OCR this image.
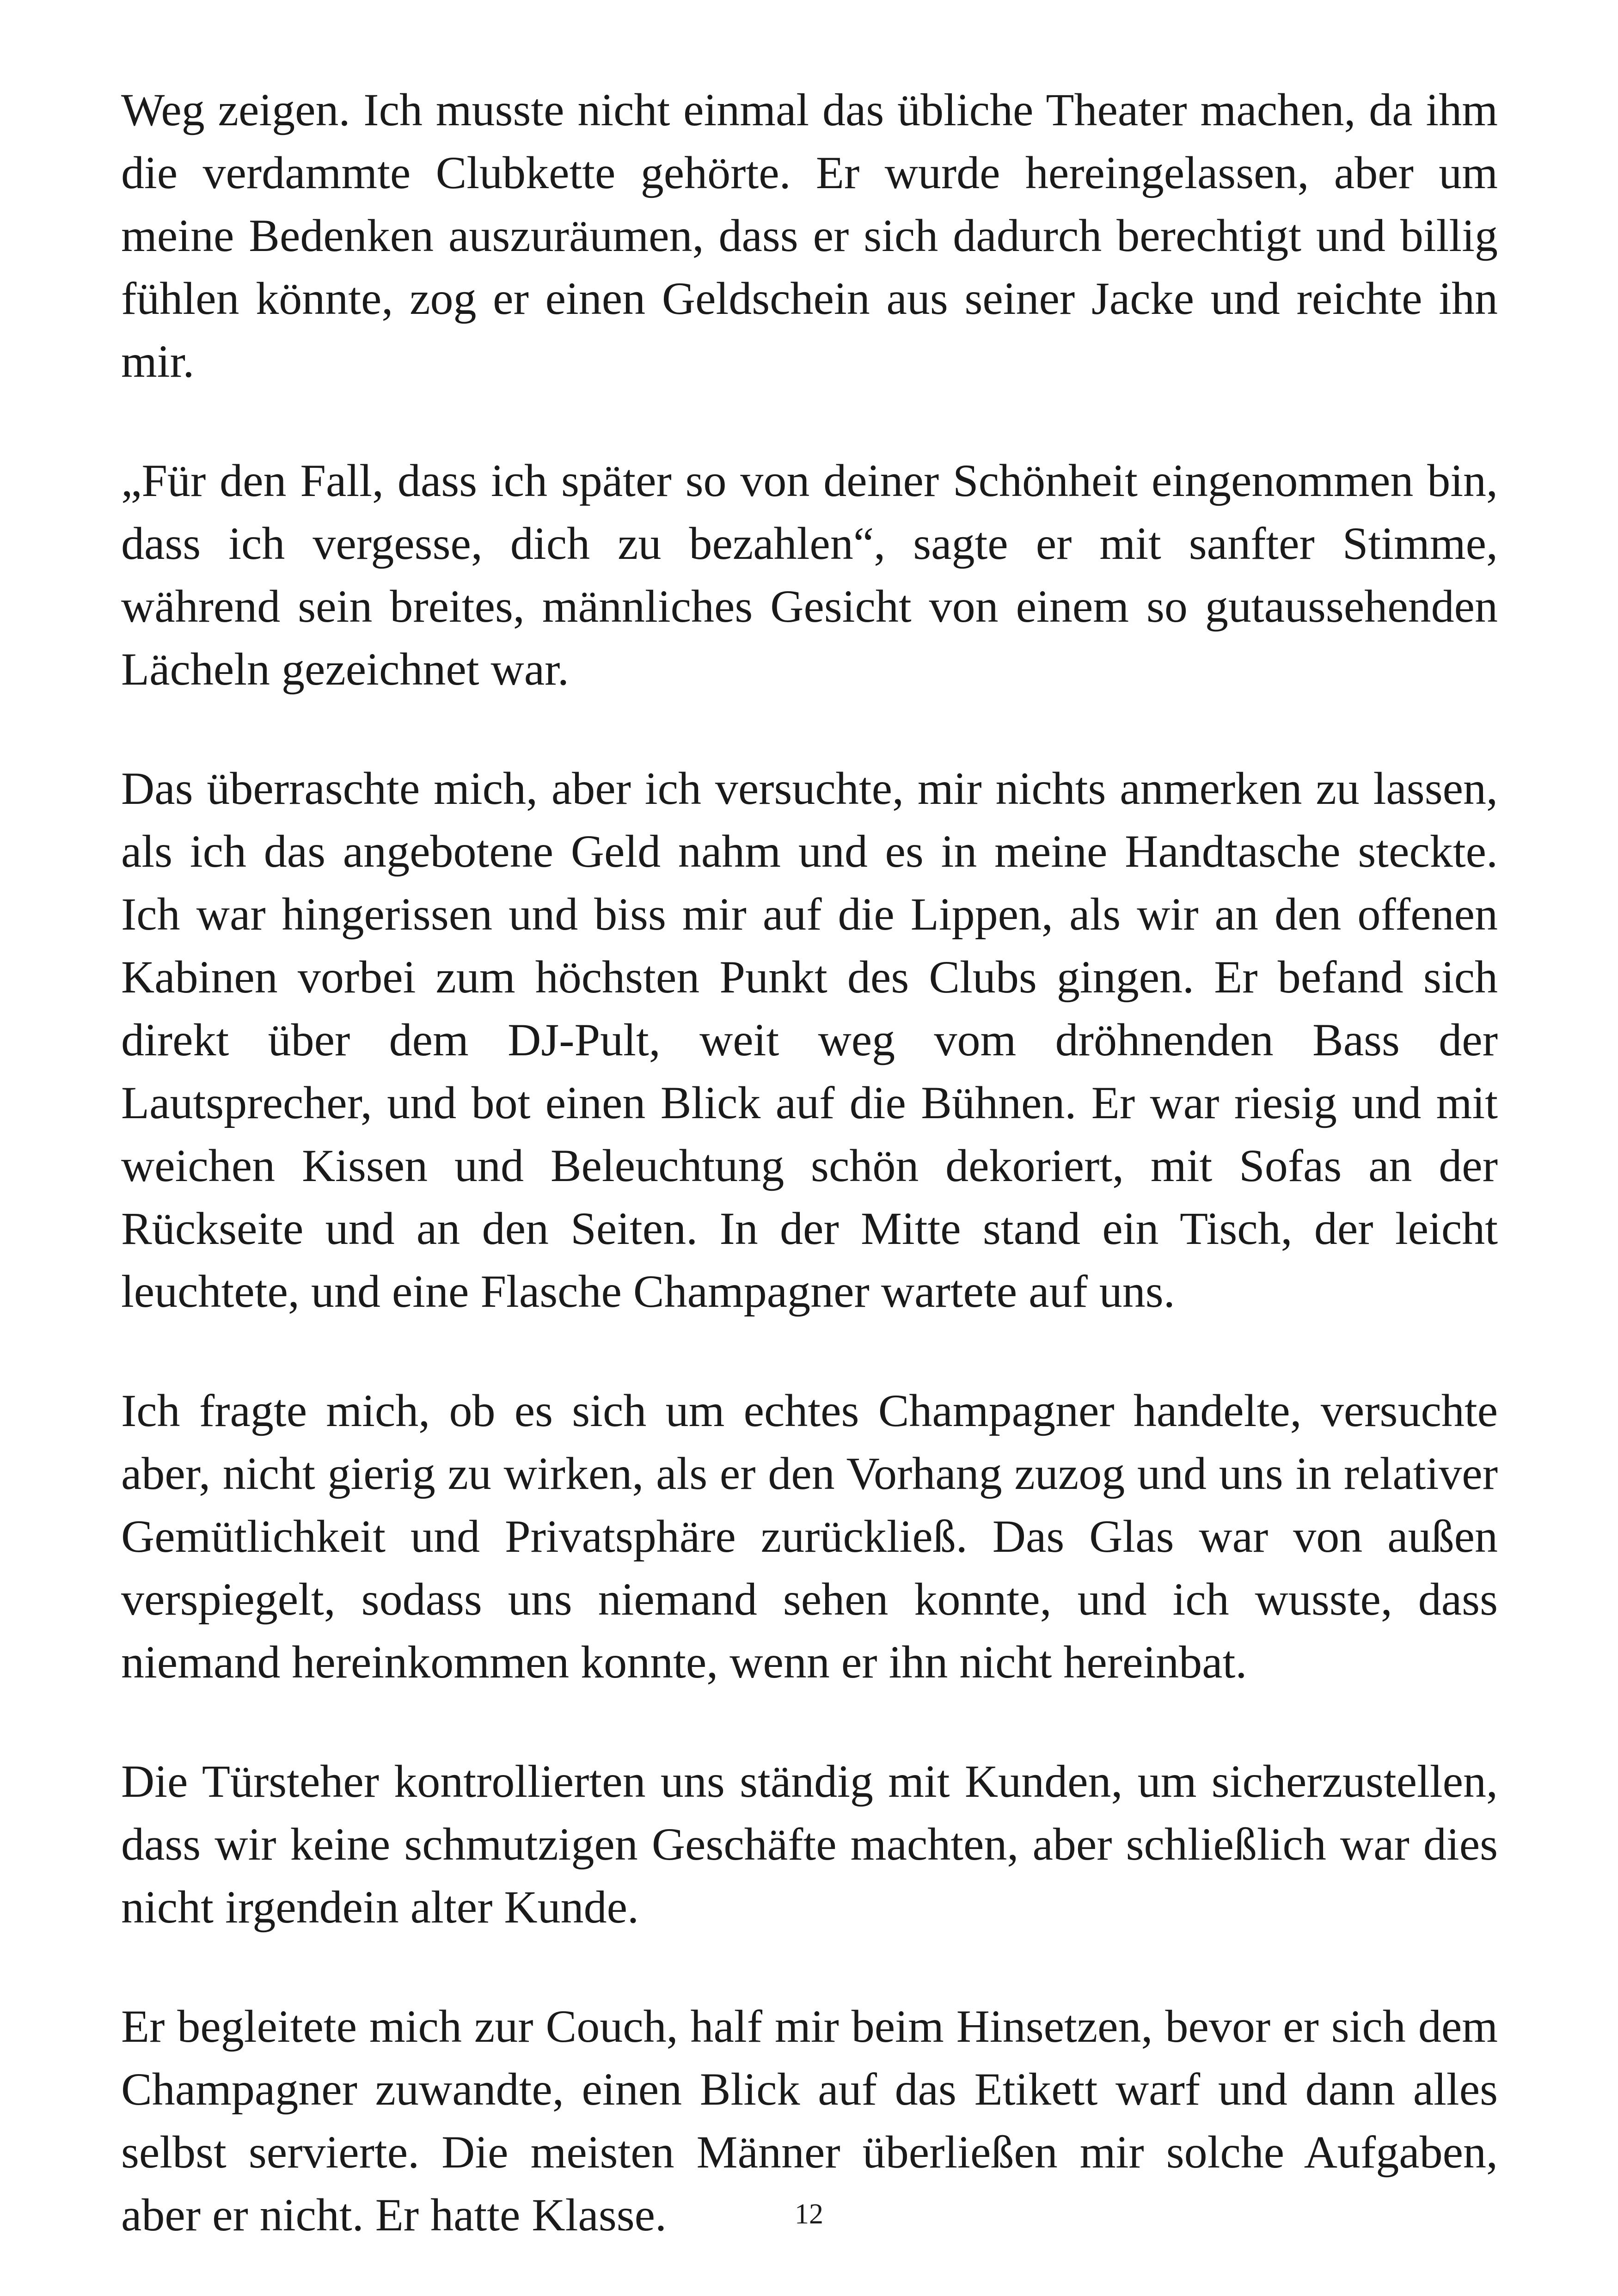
Weg zeigen. Ich musste nicht einmal das übliche Theater machen, da ihm die verdammte Clubkette gehörte. Er wurde hereingelassen, aber um meine Bedenken auszuräumen, dass er sich dadurch berechtigt und billig fühlen könnte, zog er einen Geldschein aus seiner Jacke und reichte ihn mir.

„Für den Fall, dass ich später so von deiner Schönheit eingenommen bin, dass ich vergesse, dich zu bezahlen“, sagte er mit sanfter Stimme, während sein breites, männliches Gesicht von einem so gutaussehenden Lächeln gezeichnet war.

Das überraschte mich, aber ich versuchte, mir nichts anmerken zu lassen, als ich das angebotene Geld nahm und es in meine Handtasche steckte. Ich war hingerissen und biss mir auf die Lippen, als wir an den offenen Kabinen vorbei zum höchsten Punkt des Clubs gingen. Er befand sich direkt über dem DJ-Pult, weit weg vom dröhnenden Bass der Lautsprecher, und bot einen Blick auf die Bühnen. Er war riesig und mit weichen Kissen und Beleuchtung schön dekoriert, mit Sofas an der Rückseite und an den Seiten. In der Mitte stand ein Tisch, der leicht leuchtete, und eine Flasche Champagner wartete auf uns.

Ich fragte mich, ob es sich um echtes Champagner handelte, versuchte aber, nicht gierig zu wirken, als er den Vorhang zuzog und uns in relativer Gemütlichkeit und Privatsphäre zurückließ. Das Glas war von außen verspiegelt, sodass uns niemand sehen konnte, und ich wusste, dass niemand hereinkommen konnte, wenn er ihn nicht hereinbat.

Die Türsteher kontrollierten uns ständig mit Kunden, um sicherzustellen, dass wir keine schmutzigen Geschäfte machten, aber schließlich war dies nicht irgendein alter Kunde.

Er begleitete mich zur Couch, half mir beim Hinsetzen, bevor er sich dem Champagner zuwandte, einen Blick auf das Etikett warf und dann alles selbst servierte. Die meisten Männer überließen mir solche Aufgaben, aber er nicht. Er hatte Klasse.	12
